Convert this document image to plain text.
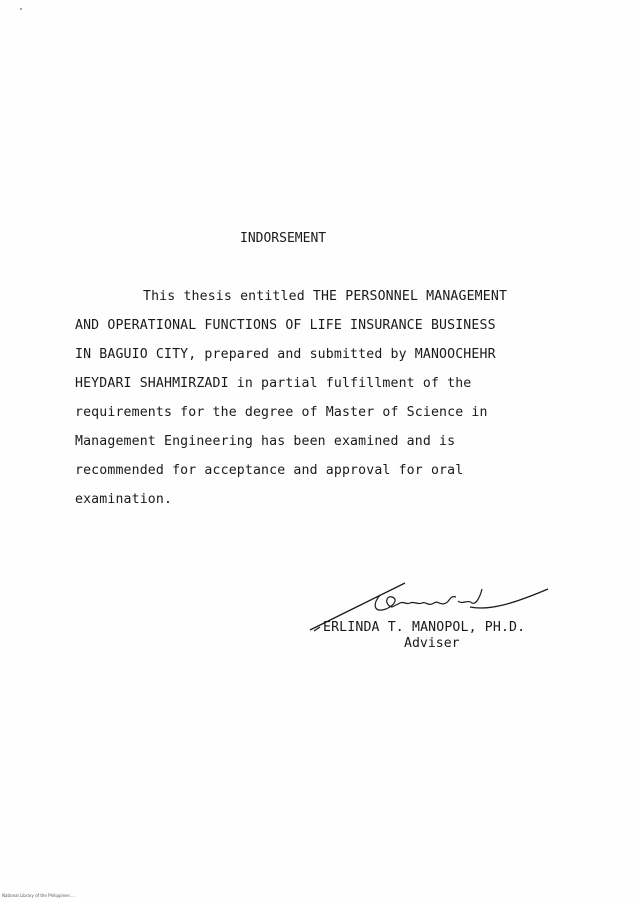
INDORSEMENT
This thesis entitled THE PERSONNEL MANAGEMENT
AND OPERATIONAL FUNCTIONS OF LIFE INSURANCE BUSINESS
IN BAGUIO CITY, prepared and submitted by MANOOCHEHR
HEYDARI SHAHMIRZADI in partial fulfillment of the
requirements for the degree of Master of Science in
Management Engineering has been examined and is
recommended for acceptance and approval for oral
examination.
ERLINDA T. MANOPOL, PH.D.
Adviser
National Library of the Philippines ...
